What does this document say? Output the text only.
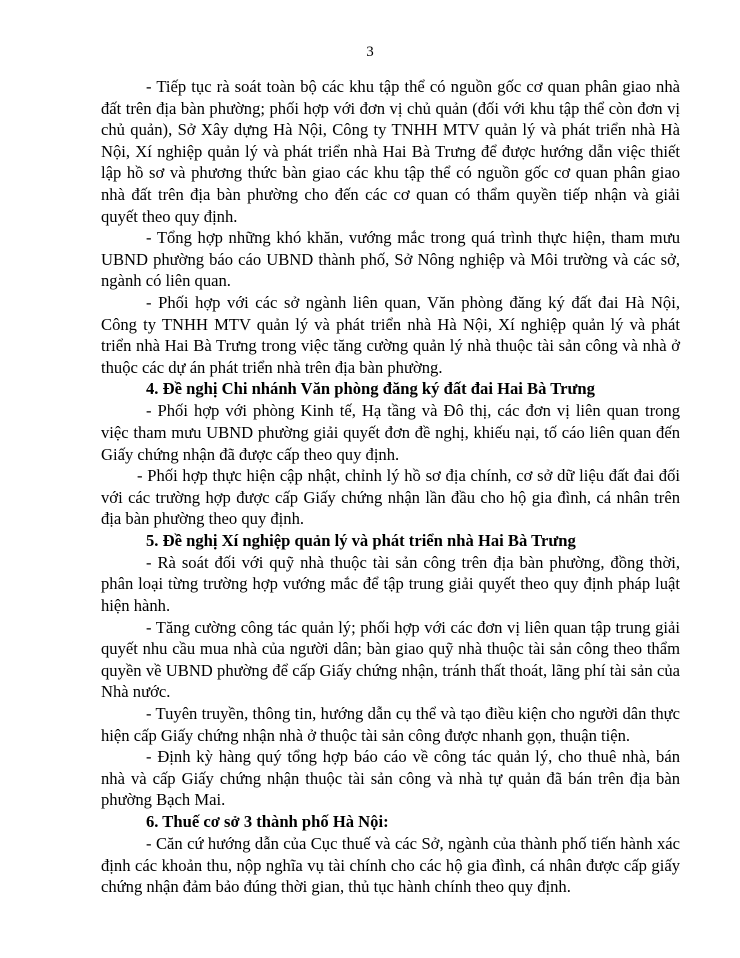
3

- Tiếp tục rà soát toàn bộ các khu tập thể có nguồn gốc cơ quan phân giao nhà đất trên địa bàn phường; phối hợp với đơn vị chủ quản (đối với khu tập thể còn đơn vị chủ quản), Sở Xây dựng Hà Nội, Công ty TNHH MTV quản lý và phát triển nhà Hà Nội, Xí nghiệp quản lý và phát triển nhà Hai Bà Trưng để được hướng dẫn việc thiết lập hồ sơ và phương thức bàn giao các khu tập thể có nguồn gốc cơ quan phân giao nhà đất trên địa bàn phường cho đến các cơ quan có thẩm quyền tiếp nhận và giải quyết theo quy định.

- Tổng hợp những khó khăn, vướng mắc trong quá trình thực hiện, tham mưu UBND phường báo cáo UBND thành phố, Sở Nông nghiệp và Môi trường và các sở, ngành có liên quan.

- Phối hợp với các sở ngành liên quan, Văn phòng đăng ký đất đai Hà Nội, Công ty TNHH MTV quản lý và phát triển nhà Hà Nội, Xí nghiệp quản lý và phát triển nhà Hai Bà Trưng trong việc tăng cường quản lý nhà thuộc tài sản công và nhà ở thuộc các dự án phát triển nhà trên địa bàn phường.

4. Đề nghị Chi nhánh Văn phòng đăng ký đất đai Hai Bà Trưng

- Phối hợp với phòng Kinh tế, Hạ tầng và Đô thị, các đơn vị liên quan trong việc tham mưu UBND phường giải quyết đơn đề nghị, khiếu nại, tố cáo liên quan đến Giấy chứng nhận đã được cấp theo quy định.

- Phối hợp thực hiện cập nhật, chỉnh lý hồ sơ địa chính, cơ sở dữ liệu đất đai đối với các trường hợp được cấp Giấy chứng nhận lần đầu cho hộ gia đình, cá nhân trên địa bàn phường theo quy định.

5. Đề nghị Xí nghiệp quản lý và phát triển nhà Hai Bà Trưng

- Rà soát đối với quỹ nhà thuộc tài sản công trên địa bàn phường, đồng thời, phân loại từng trường hợp vướng mắc để tập trung giải quyết theo quy định pháp luật hiện hành.

- Tăng cường công tác quản lý; phối hợp với các đơn vị liên quan tập trung giải quyết nhu cầu mua nhà của người dân; bàn giao quỹ nhà thuộc tài sản công theo thẩm quyền về UBND phường để cấp Giấy chứng nhận, tránh thất thoát, lãng phí tài sản của Nhà nước.

- Tuyên truyền, thông tin, hướng dẫn cụ thể và tạo điều kiện cho người dân thực hiện cấp Giấy chứng nhận nhà ở thuộc tài sản công được nhanh gọn, thuận tiện.

- Định kỳ hàng quý tổng hợp báo cáo về công tác quản lý, cho thuê nhà, bán nhà và cấp Giấy chứng nhận thuộc tài sản công và nhà tự quản đã bán trên địa bàn phường Bạch Mai.

6. Thuế cơ sở 3 thành phố Hà Nội:

- Căn cứ hướng dẫn của Cục thuế và các Sở, ngành của thành phố tiến hành xác định các khoản thu, nộp nghĩa vụ tài chính cho các hộ gia đình, cá nhân được cấp giấy chứng nhận đảm bảo đúng thời gian, thủ tục hành chính theo quy định.
